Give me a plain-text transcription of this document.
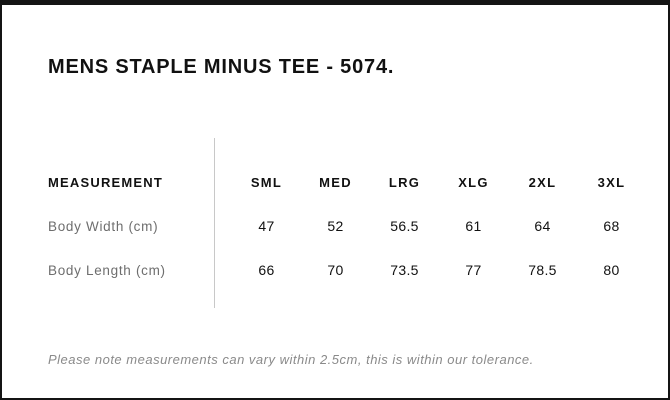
MENS STAPLE MINUS TEE - 5074.
MEASUREMENT	SML	MED	LRG	XLG	2XL	3XL
Body Width (cm)	47	52	56.5	61	64	68
Body Length (cm)	66	70	73.5	77	78.5	80
Please note measurements can vary within 2.5cm, this is within our tolerance.
